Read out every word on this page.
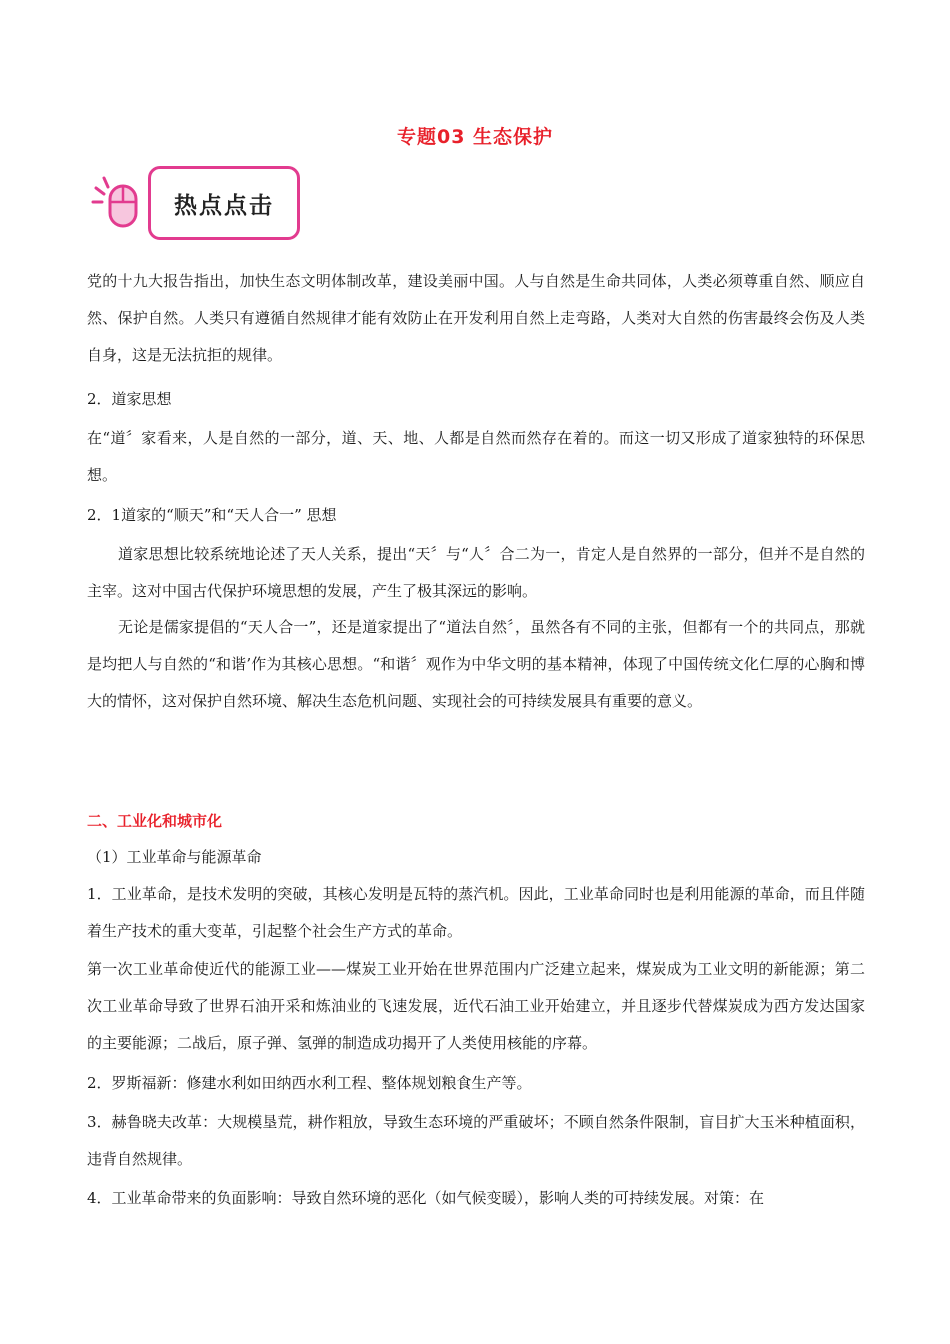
专题03 生态保护
热点点击

党的十九大报告指出，加快生态文明体制改革，建设美丽中国。人与自然是生命共同体，人类必须尊重自然、顺应自然、保护自然。人类只有遵循自然规律才能有效防止在开发利用自然上走弯路，人类对大自然的伤害最终会伤及人类自身，这是无法抗拒的规律。

2．道家思想

在“道〞家看来，人是自然的一部分，道、天、地、人都是自然而然存在着的。而这一切又形成了道家独特的环保思想。

2．1道家的“顺天”和“天人合一” 思想

道家思想比较系统地论述了天人关系，提出“天〞与“人〞合二为一，肯定人是自然界的一部分，但并不是自然的主宰。这对中国古代保护环境思想的发展，产生了极其深远的影响。

无论是儒家提倡的“天人合一”，还是道家提出了“道法自然〞，虽然各有不同的主张，但都有一个的共同点，那就是均把人与自然的“和谐’作为其核心思想。“和谐〞观作为中华文明的基本精神，体现了中国传统文化仁厚的心胸和博大的情怀，这对保护自然环境、解决生态危机问题、实现社会的可持续发展具有重要的意义。

二、工业化和城市化

（1）工业革命与能源革命

1．工业革命，是技术发明的突破，其核心发明是瓦特的蒸汽机。因此，工业革命同时也是利用能源的革命，而且伴随着生产技术的重大变革，引起整个社会生产方式的革命。

第一次工业革命使近代的能源工业——煤炭工业开始在世界范围内广泛建立起来，煤炭成为工业文明的新能源；第二次工业革命导致了世界石油开采和炼油业的飞速发展，近代石油工业开始建立，并且逐步代替煤炭成为西方发达国家的主要能源；二战后，原子弹、氢弹的制造成功揭开了人类使用核能的序幕。

2．罗斯福新：修建水利如田纳西水利工程、整体规划粮食生产等。

3．赫鲁晓夫改革：大规模垦荒，耕作粗放，导致生态环境的严重破坏；不顾自然条件限制，盲目扩大玉米种植面积，违背自然规律。

4．工业革命带来的负面影响：导致自然环境的恶化（如气候变暖），影响人类的可持续发展。对策：在
